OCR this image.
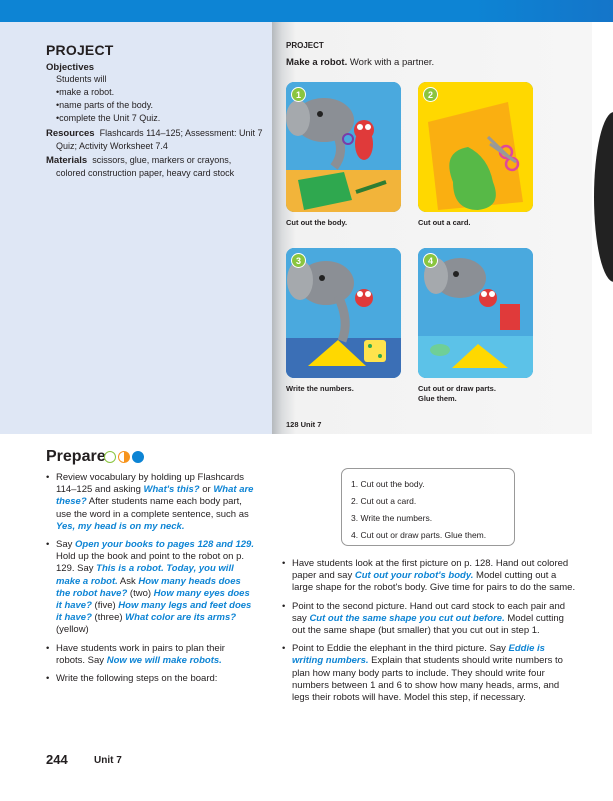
PROJECT
Objectives
Students will
• make a robot.
• name parts of the body.
• complete the Unit 7 Quiz.
Resources Flashcards 114–125; Assessment: Unit 7
Quiz; Activity Worksheet 7.4
Materials scissors, glue, markers or crayons,
colored construction paper, heavy card stock
PROJECT
Make a robot. Work with a partner.
1
Cut out the body.
2
Cut out a card.
3
Write the numbers.
4
Cut out or draw parts.
Glue them.
128 Unit 7
Prepare
• Review vocabulary by holding up Flashcards 114–125 and asking What's this? or What are these? After students name each body part, use the word in a complete sentence, such as Yes, my head is on my neck.
• Say Open your books to pages 128 and 129. Hold up the book and point to the robot on p. 129. Say This is a robot. Today, you will make a robot. Ask How many heads does the robot have? (two) How many eyes does it have? (five) How many legs and feet does it have? (three) What color are its arms? (yellow)
• Have students work in pairs to plan their robots. Say Now we will make robots.
• Write the following steps on the board:
1. Cut out the body.
2. Cut out a card.
3. Write the numbers.
4. Cut out or draw parts. Glue them.
• Have students look at the first picture on p. 128. Hand out colored paper and say Cut out your robot's body. Model cutting out a large shape for the robot's body. Give time for pairs to do the same.
• Point to the second picture. Hand out card stock to each pair and say Cut out the same shape you cut out before. Model cutting out the same shape (but smaller) that you cut out in step 1.
• Point to Eddie the elephant in the third picture. Say Eddie is writing numbers. Explain that students should write numbers to plan how many body parts to include. They should write four numbers between 1 and 6 to show how many heads, arms, and legs their robots will have. Model this step, if necessary.
244	Unit 7
